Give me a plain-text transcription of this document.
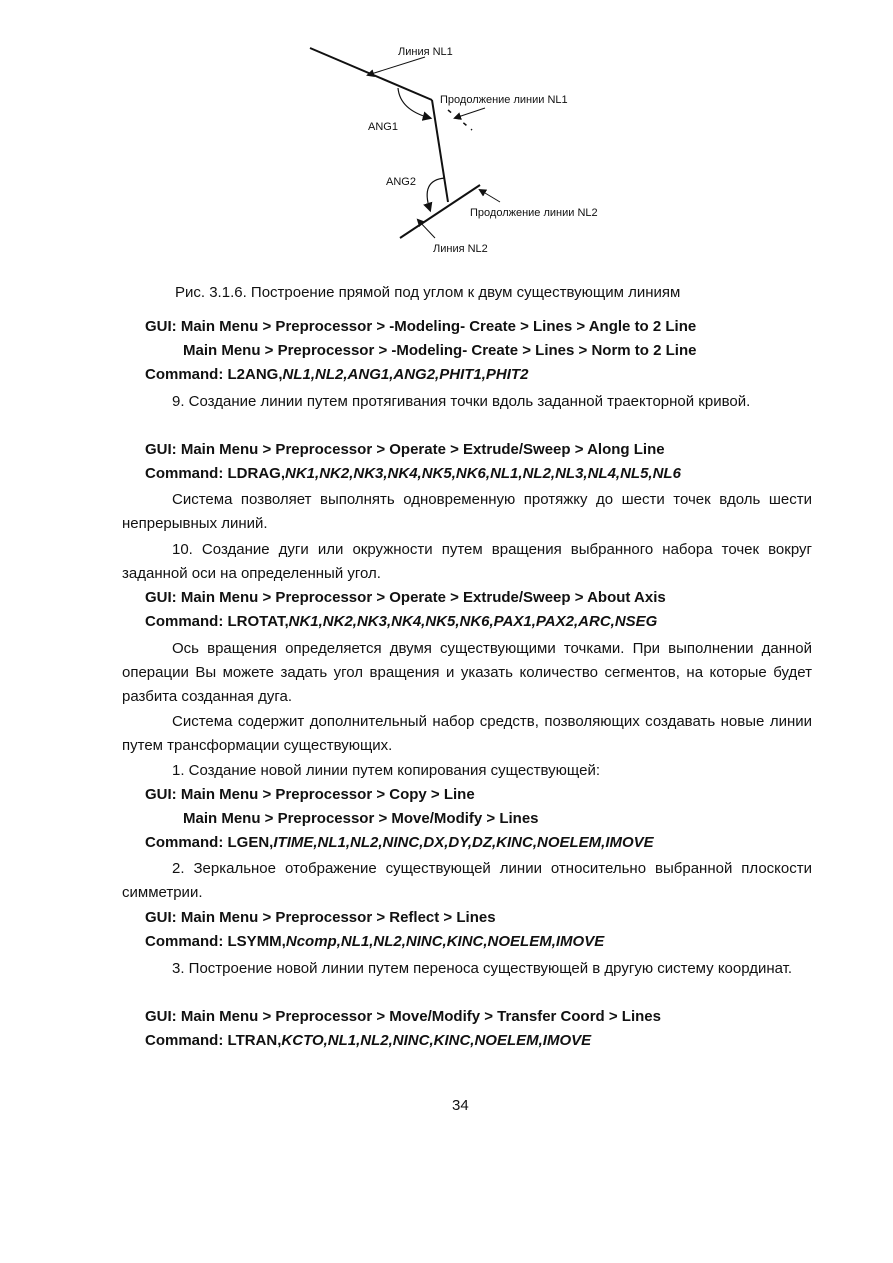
Линия NL1
Продолжение линии NL1
ANG1
ANG2
Продолжение линии NL2
Линия NL2
Рис. 3.1.6. Построение прямой под углом к двум существующим линиям
GUI: Main Menu > Preprocessor > -Modeling- Create > Lines > Angle to 2 Line
Main Menu > Preprocessor > -Modeling- Create > Lines > Norm to 2 Line
Command: L2ANG,NL1,NL2,ANG1,ANG2,PHIT1,PHIT2
9. Создание линии путем протягивания точки вдоль заданной траекторной кривой.
GUI: Main Menu > Preprocessor > Operate > Extrude/Sweep > Along Line
Command: LDRAG,NK1,NK2,NK3,NK4,NK5,NK6,NL1,NL2,NL3,NL4,NL5,NL6
Система позволяет выполнять одновременную протяжку до шести точек вдоль шести непрерывных линий.
10. Создание дуги или окружности путем вращения выбранного набора точек вокруг заданной оси на определенный угол.
GUI: Main Menu > Preprocessor > Operate > Extrude/Sweep > About Axis
Command: LROTAT,NK1,NK2,NK3,NK4,NK5,NK6,PAX1,PAX2,ARC,NSEG
Ось вращения определяется двумя существующими точками. При выполнении данной операции Вы можете задать угол вращения и указать количество сегментов, на которые будет разбита созданная дуга.
Система содержит дополнительный набор средств, позволяющих создавать новые линии путем трансформации существующих.
1. Создание новой линии путем копирования существующей:
GUI: Main Menu > Preprocessor > Copy > Line
Main Menu > Preprocessor > Move/Modify > Lines
Command: LGEN,ITIME,NL1,NL2,NINC,DX,DY,DZ,KINC,NOELEM,IMOVE
2. Зеркальное отображение существующей линии относительно выбранной плоскости симметрии.
GUI: Main Menu > Preprocessor > Reflect > Lines
Command: LSYMM,Ncomp,NL1,NL2,NINC,KINC,NOELEM,IMOVE
3. Построение новой линии путем переноса существующей в другую систему координат.
GUI: Main Menu > Preprocessor > Move/Modify > Transfer Coord > Lines
Command: LTRAN,KCTO,NL1,NL2,NINC,KINC,NOELEM,IMOVE
34
